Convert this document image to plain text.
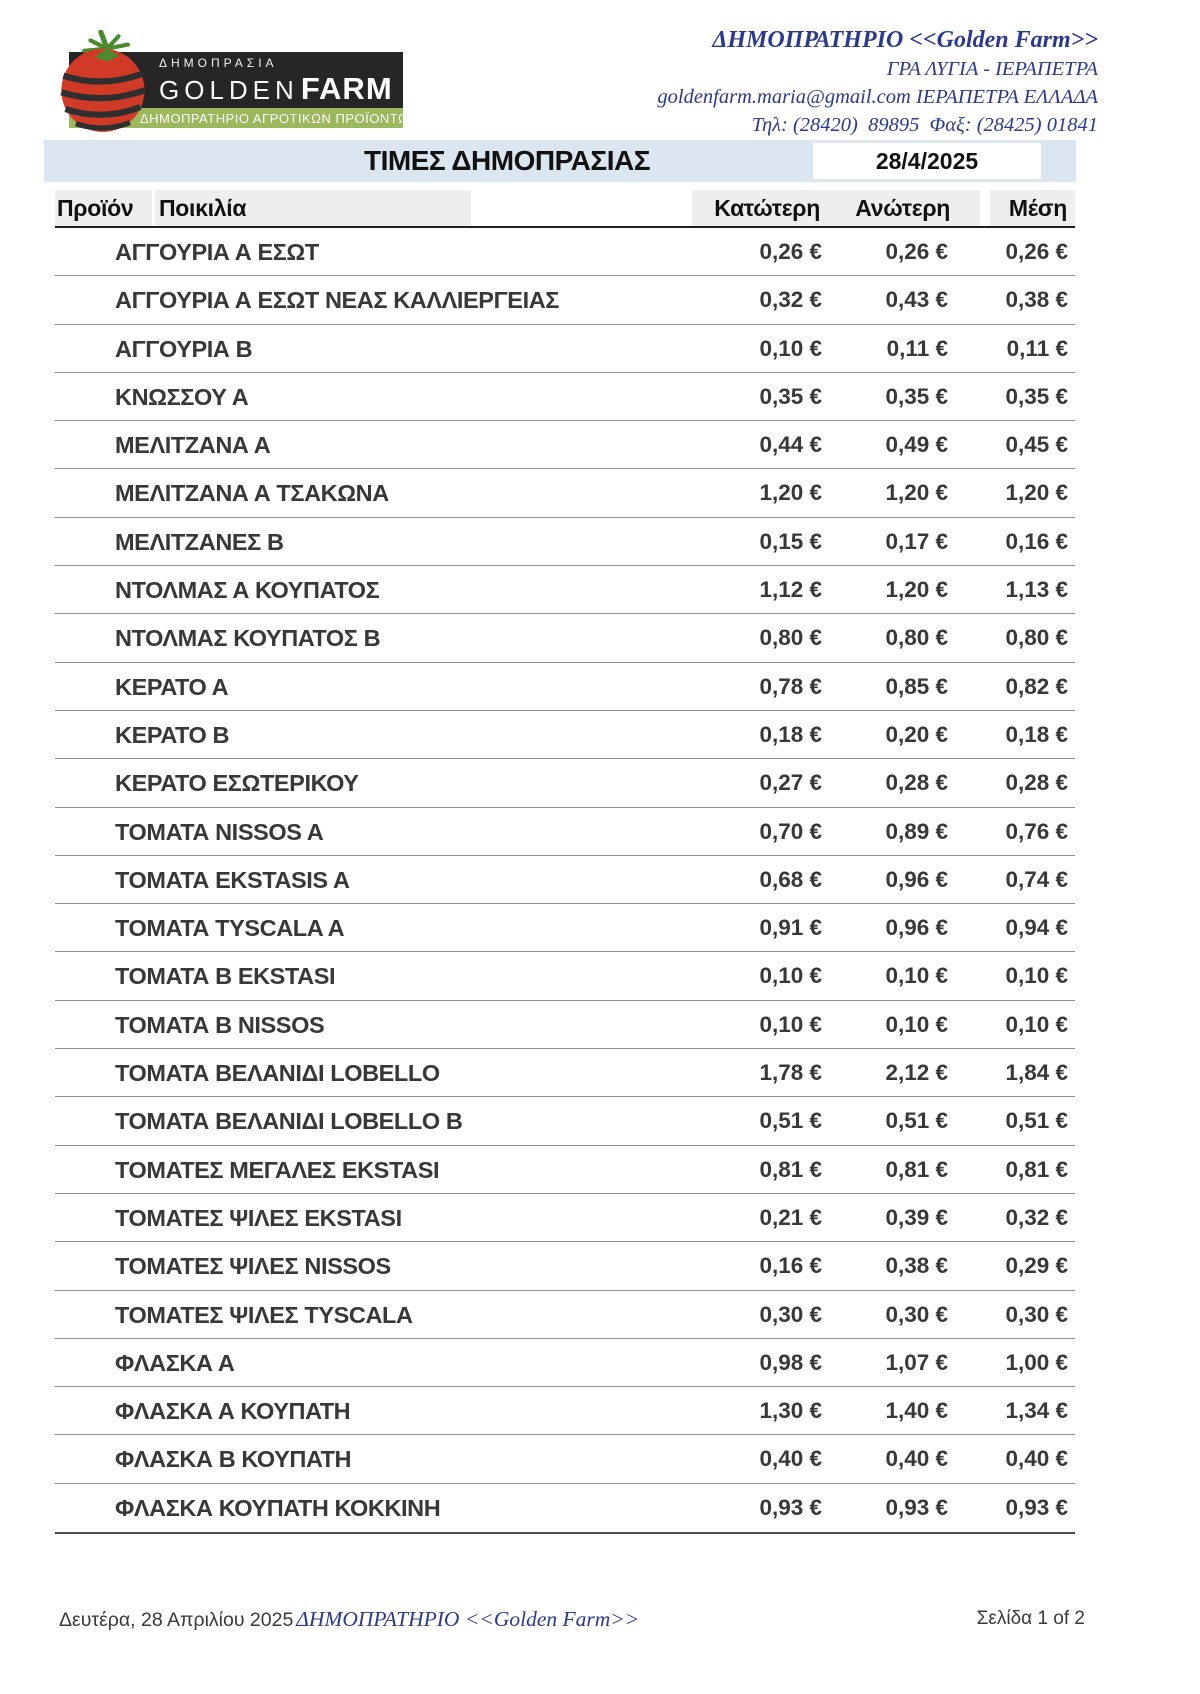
ΔΗΜΟΠΡΑΣΙΑ
GOLDEN FARM
ΔΗΜΟΠΡΑΤΗΡΙΟ ΑΓΡΟΤΙΚΩΝ ΠΡΟΪΟΝΤΩΝ
ΔΗΜΟΠΡΑΤΗΡΙΟ <<Golden Farm>>
ΓΡΑ ΛΥΓΙΑ - ΙΕΡΑΠΕΤΡΑ
goldenfarm.maria@gmail.com ΙΕΡΑΠΕΤΡΑ ΕΛΛΑΔΑ
Τηλ: (28420)  89895  Φαξ: (28425) 01841
ΤΙΜΕΣ ΔΗΜΟΠΡΑΣΙΑΣ	28/4/2025
Προϊόν Ποικιλία	Κατώτερη Ανώτερη	Μέση
ΑΓΓΟΥΡΙΑ Α ΕΣΩΤ	0,26 €	0,26 €	0,26 €
ΑΓΓΟΥΡΙΑ Α ΕΣΩΤ ΝΕΑΣ ΚΑΛΛΙΕΡΓΕΙΑΣ	0,32 €	0,43 €	0,38 €
ΑΓΓΟΥΡΙΑ Β	0,10 €	0,11 €	0,11 €
ΚΝΩΣΣΟΥ Α	0,35 €	0,35 €	0,35 €
ΜΕΛΙΤΖΑΝΑ Α	0,44 €	0,49 €	0,45 €
ΜΕΛΙΤΖΑΝΑ Α ΤΣΑΚΩΝΑ	1,20 €	1,20 €	1,20 €
ΜΕΛΙΤΖΑΝΕΣ Β	0,15 €	0,17 €	0,16 €
ΝΤΟΛΜΑΣ Α ΚΟΥΠΑΤΟΣ	1,12 €	1,20 €	1,13 €
ΝΤΟΛΜΑΣ ΚΟΥΠΑΤΟΣ Β	0,80 €	0,80 €	0,80 €
ΚΕΡΑΤΟ Α	0,78 €	0,85 €	0,82 €
ΚΕΡΑΤΟ Β	0,18 €	0,20 €	0,18 €
ΚΕΡΑΤΟ ΕΣΩΤΕΡΙΚΟΥ	0,27 €	0,28 €	0,28 €
ΤΟΜΑΤΑ NISSOS A	0,70 €	0,89 €	0,76 €
ΤΟΜΑΤΑ EKSTASIS A	0,68 €	0,96 €	0,74 €
ΤΟΜΑΤΑ TYSCALA A	0,91 €	0,96 €	0,94 €
ΤΟΜΑΤΑ Β EKSTASI	0,10 €	0,10 €	0,10 €
ΤΟΜΑΤΑ Β NISSOS	0,10 €	0,10 €	0,10 €
ΤΟΜΑΤΑ ΒΕΛΑΝΙΔΙ LOBELLO	1,78 €	2,12 €	1,84 €
ΤΟΜΑΤΑ ΒΕΛΑΝΙΔΙ LOBELLO Β	0,51 €	0,51 €	0,51 €
ΤΟΜΑΤΕΣ ΜΕΓΑΛΕΣ EKSTASI	0,81 €	0,81 €	0,81 €
ΤΟΜΑΤΕΣ ΨΙΛΕΣ EKSTASI	0,21 €	0,39 €	0,32 €
ΤΟΜΑΤΕΣ ΨΙΛΕΣ NISSOS	0,16 €	0,38 €	0,29 €
ΤΟΜΑΤΕΣ ΨΙΛΕΣ TYSCALA	0,30 €	0,30 €	0,30 €
ΦΛΑΣΚΑ Α	0,98 €	1,07 €	1,00 €
ΦΛΑΣΚΑ Α ΚΟΥΠΑΤΗ	1,30 €	1,40 €	1,34 €
ΦΛΑΣΚΑ Β ΚΟΥΠΑΤΗ	0,40 €	0,40 €	0,40 €
ΦΛΑΣΚΑ ΚΟΥΠΑΤΗ ΚΟΚΚΙΝΗ	0,93 €	0,93 €	0,93 €
Δευτέρα, 28 Απριλίου 2025 ΔΗΜΟΠΡΑΤΗΡΙΟ <<Golden Farm>>	Σελίδα 1 of 2
